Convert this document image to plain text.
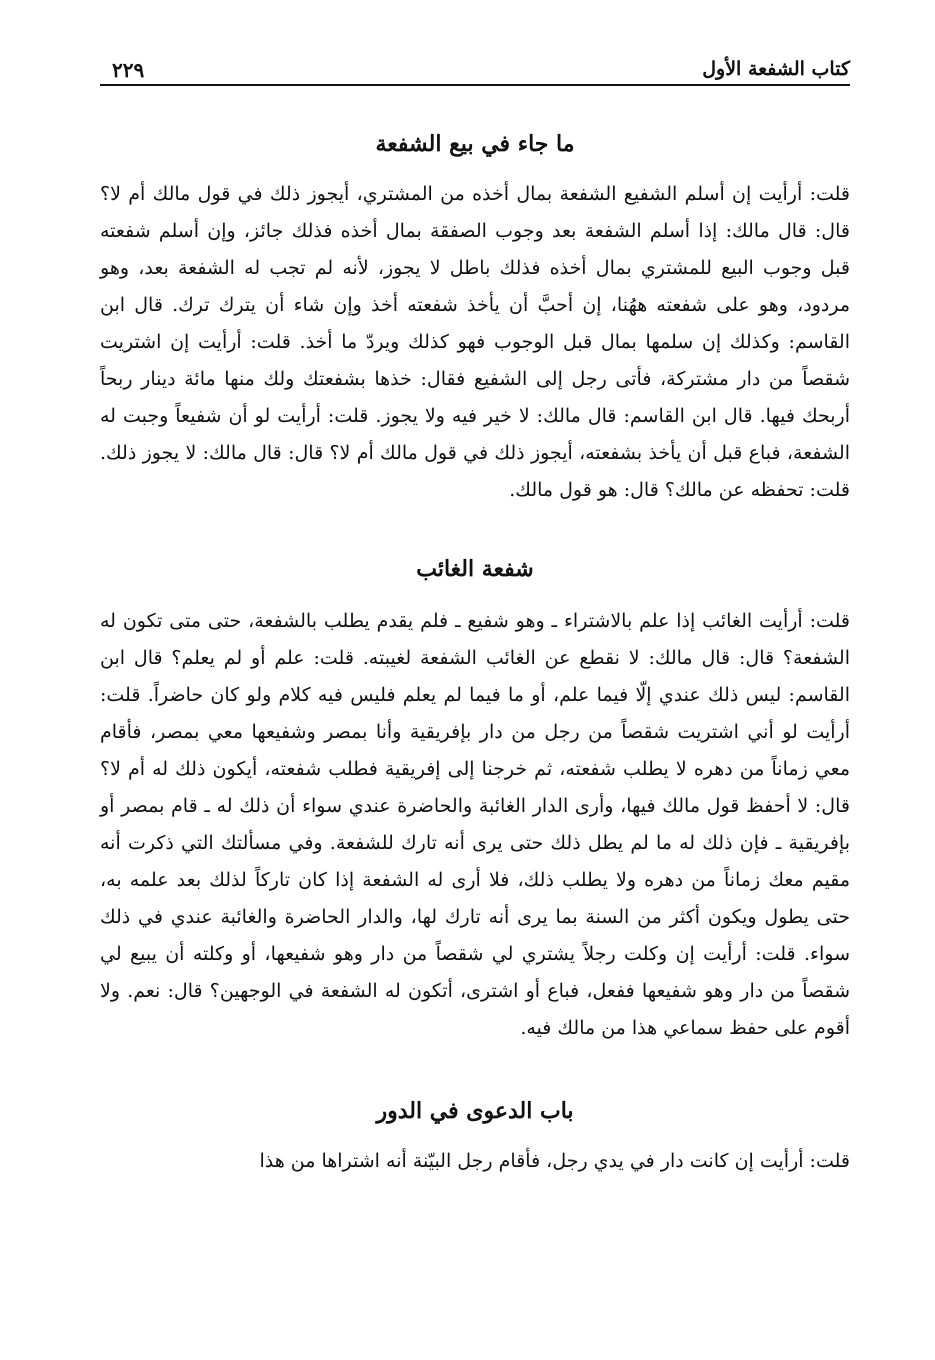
كتاب الشفعة الأول
٢٢٩
ما جاء في بيع الشفعة

قلت: أرأيت إن أسلم الشفيع الشفعة بمال أخذه من المشتري، أيجوز ذلك في قول مالك أم لا؟ قال: قال مالك: إذا أسلم الشفعة بعد وجوب الصفقة بمال أخذه فذلك جائز، وإن أسلم شفعته قبل وجوب البيع للمشتري بمال أخذه فذلك باطل لا يجوز، لأنه لم تجب له الشفعة بعد، وهو مردود، وهو على شفعته ههُنا، إن أحبَّ أن يأخذ شفعته أخذ وإن شاء أن يترك ترك. قال ابن القاسم: وكذلك إن سلمها بمال قبل الوجوب فهو كذلك ويردّ ما أخذ. قلت: أرأيت إن اشتريت شقصاً من دار مشتركة، فأتى رجل إلى الشفيع فقال: خذها بشفعتك ولك منها مائة دينار ربحاً أربحك فيها. قال ابن القاسم: قال مالك: لا خير فيه ولا يجوز. قلت: أرأيت لو أن شفيعاً وجبت له الشفعة، فباع قبل أن يأخذ بشفعته، أيجوز ذلك في قول مالك أم لا؟ قال: قال مالك: لا يجوز ذلك. قلت: تحفظه عن مالك؟ قال: هو قول مالك.

شفعة الغائب

قلت: أرأيت الغائب إذا علم بالاشتراء ـ وهو شفيع ـ فلم يقدم يطلب بالشفعة، حتى متى تكون له الشفعة؟ قال: قال مالك: لا نقطع عن الغائب الشفعة لغيبته. قلت: علم أو لم يعلم؟ قال ابن القاسم: ليس ذلك عندي إلّا فيما علم، أو ما فيما لم يعلم فليس فيه كلام ولو كان حاضراً. قلت: أرأيت لو أني اشتريت شقصاً من رجل من دار بإفريقية وأنا بمصر وشفيعها معي بمصر، فأقام معي زماناً من دهره لا يطلب شفعته، ثم خرجنا إلى إفريقية فطلب شفعته، أيكون ذلك له أم لا؟ قال: لا أحفظ قول مالك فيها، وأرى الدار الغائبة والحاضرة عندي سواء أن ذلك له ـ قام بمصر أو بإفريقية ـ فإن ذلك له ما لم يطل ذلك حتى يرى أنه تارك للشفعة. وفي مسألتك التي ذكرت أنه مقيم معك زماناً من دهره ولا يطلب ذلك، فلا أرى له الشفعة إذا كان تاركاً لذلك بعد علمه به، حتى يطول ويكون أكثر من السنة بما يرى أنه تارك لها، والدار الحاضرة والغائبة عندي في ذلك سواء. قلت: أرأيت إن وكلت رجلاً يشتري لي شقصاً من دار وهو شفيعها، أو وكلته أن يبيع لي شقصاً من دار وهو شفيعها ففعل، فباع أو اشترى، أتكون له الشفعة في الوجهين؟ قال: نعم. ولا أقوم على حفظ سماعي هذا من مالك فيه.

باب الدعوى في الدور

قلت: أرأيت إن كانت دار في يدي رجل، فأقام رجل البيّنة أنه اشتراها من هذا
